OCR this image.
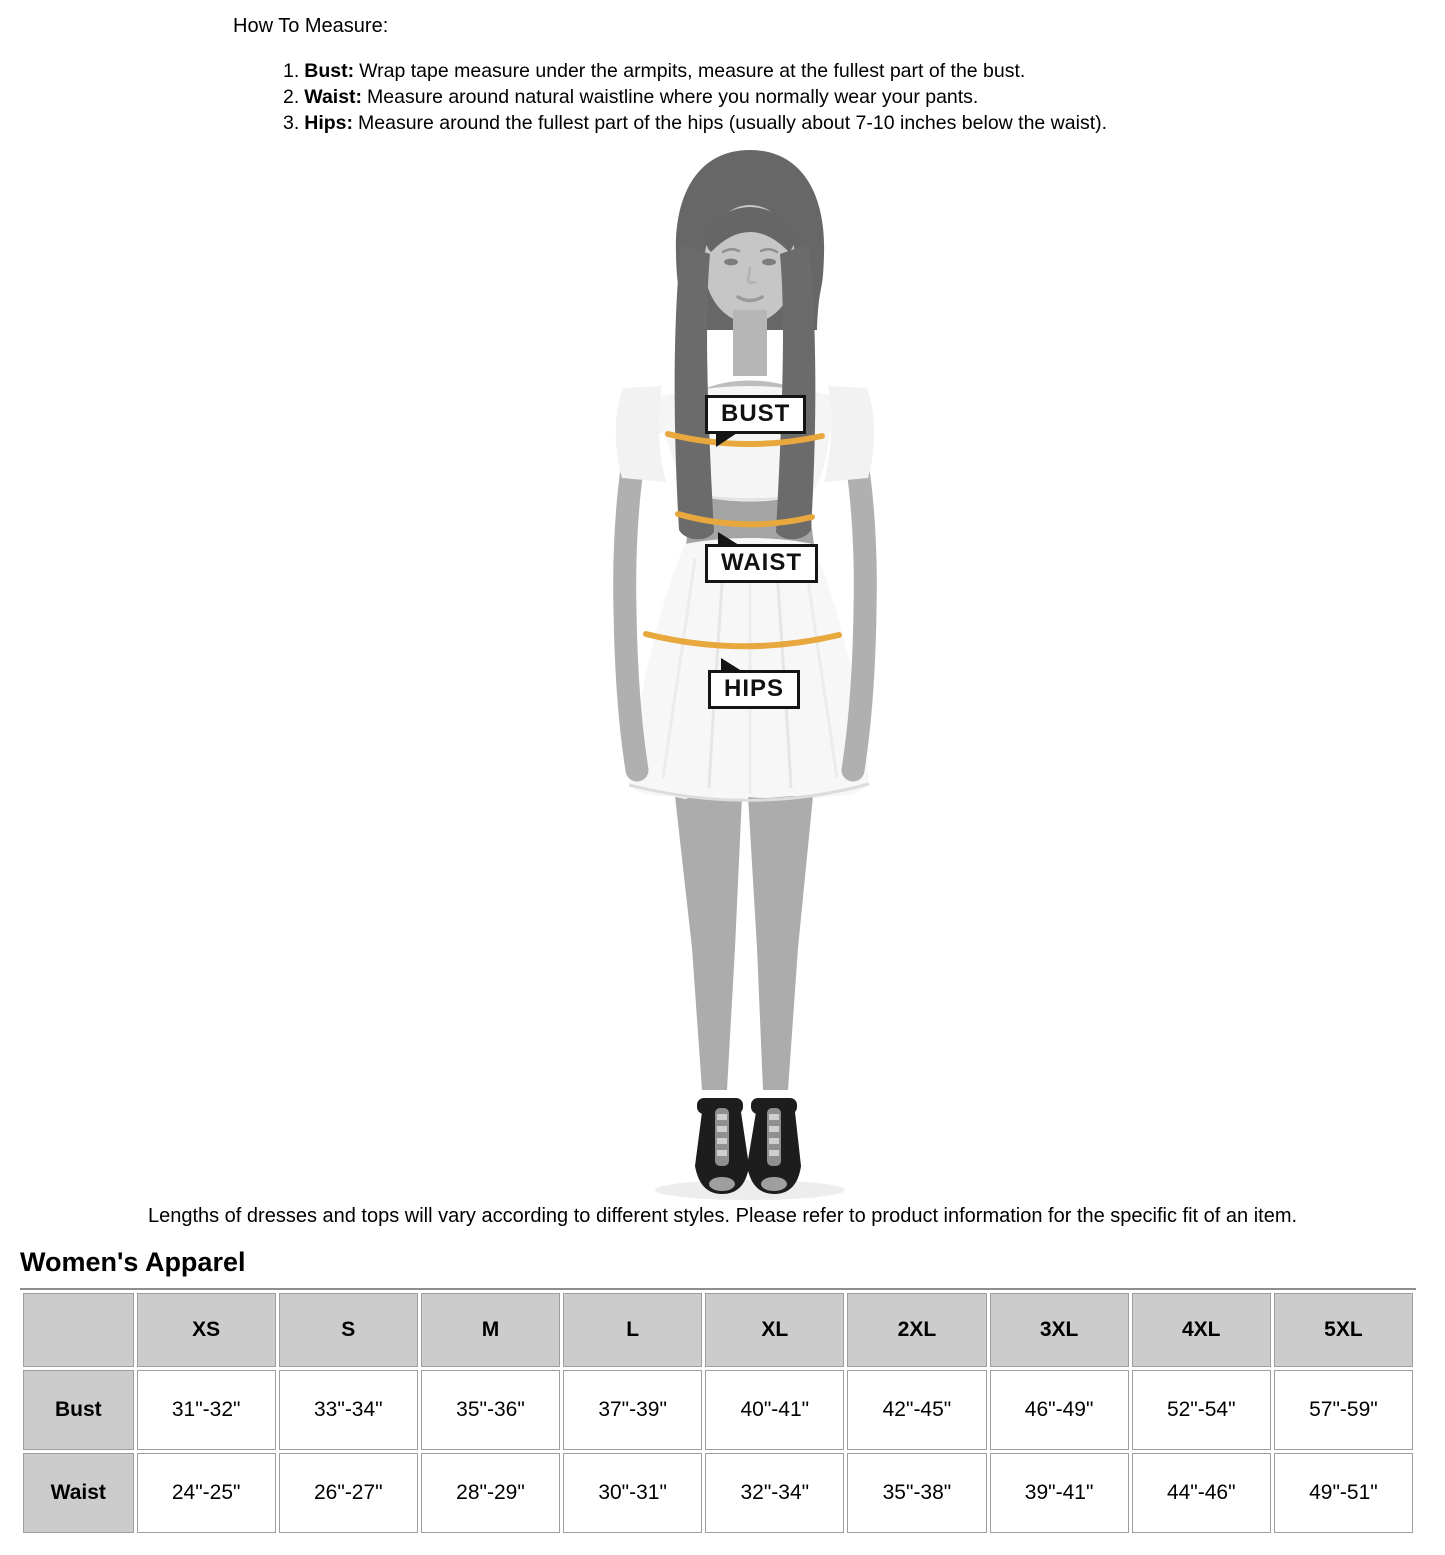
How To Measure:
1. Bust: Wrap tape measure under the armpits, measure at the fullest part of the bust.
2. Waist: Measure around natural waistline where you normally wear your pants.
3. Hips: Measure around the fullest part of the hips (usually about 7-10 inches below the waist).
BUST
WAIST
HIPS
Lengths of dresses and tops will vary according to different styles. Please refer to product information for the specific fit of an item.
Women's Apparel
	XS	S	M	L	XL	2XL	3XL	4XL	5XL
Bust	31"-32"	33"-34"	35"-36"	37"-39"	40"-41"	42"-45"	46"-49"	52"-54"	57"-59"
Waist	24"-25"	26"-27"	28"-29"	30"-31"	32"-34"	35"-38"	39"-41"	44"-46"	49"-51"
